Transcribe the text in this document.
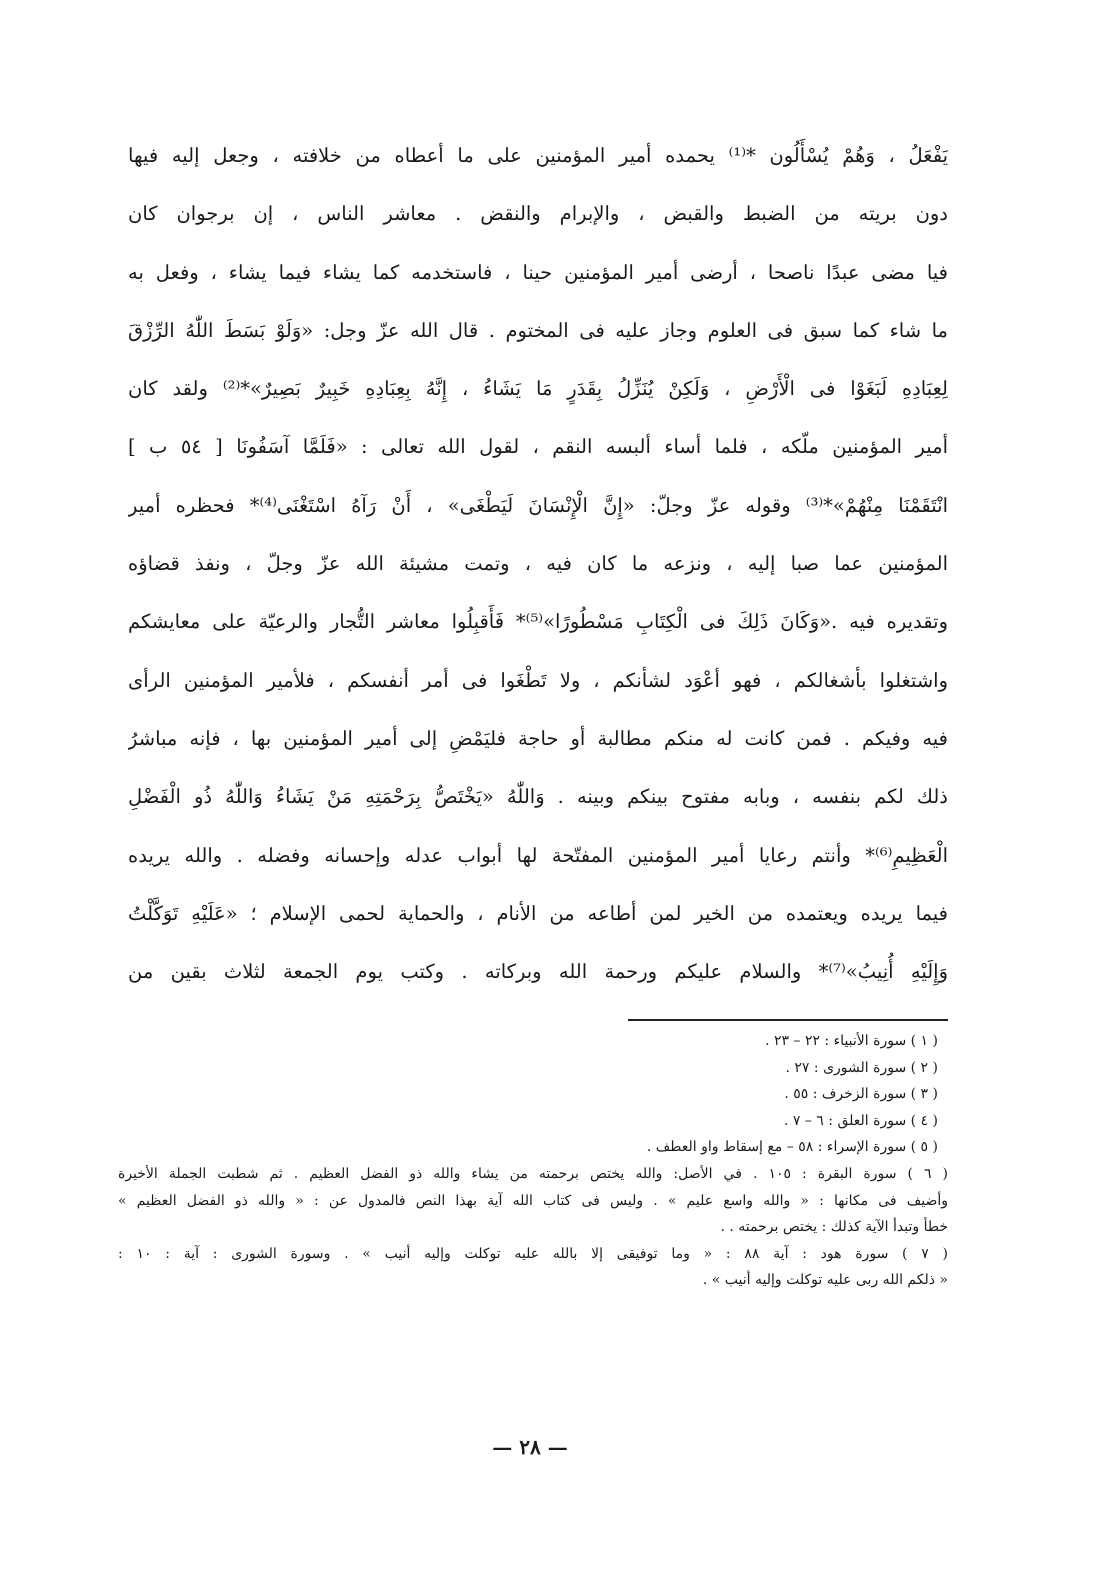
يَفْعَلُ ، وَهُمْ يُسْأَلُون *⁽¹⁾ يحمده أمير المؤمنين على ما أعطاه من خلافته ، وجعل إليه فيها
دون بريته من الضبط والقبض ، والإبرام والنقض . معاشر الناس ، إن برجوان كان
فيا مضى عبدًا ناصحا ، أرضى أمير المؤمنين حينا ، فاستخدمه كما يشاء فيما يشاء ، وفعل به
ما شاء كما سبق فى العلوم وجاز عليه فى المختوم . قال الله عزّ وجل: «وَلَوْ بَسَطَ اللّٰهُ الرِّزْقَ
لِعِبَادِهِ لَبَغَوْا فى الْأَرْضِ ، وَلَكِنْ يُنَزِّلُ بِقَدَرٍ مَا يَشَاءُ ، إِنَّهُ بِعِبَادِهِ خَبِيرٌ بَصِيرٌ»*⁽²⁾ ولقد كان
أمير المؤمنين ملّكه ، فلما أساء ألبسه النقم ، لقول الله تعالى : «فَلَمَّا آسَفُونَا [ ٥٤ ب ]
انْتَقَمْنَا مِنْهُمْ»*⁽³⁾ وقوله عزّ وجلّ: «إِنَّ الْإِنْسَانَ لَيَطْغَى» ، أَنْ رَآهُ اسْتَغْنَى⁽⁴⁾* فحظره أمير
المؤمنين عما صبا إليه ، ونزعه ما كان فيه ، وتمت مشيئة الله عزّ وجلّ ، ونفذ قضاؤه
وتقديره فيه .«وَكَانَ ذَلِكَ فى الْكِتَابِ مَسْطُورًا»⁽⁵⁾* فَأَقبِلُوا معاشر التُّجار والرعيّة على معايشكم
واشتغلوا بأشغالكم ، فهو أعْوَد لشأنكم ، ولا تَطْغَوا فى أمر أنفسكم ، فلأمير المؤمنين الرأى
فيه وفيكم . فمن كانت له منكم مطالبة أو حاجة فليَمْضِ إلى أمير المؤمنين بها ، فإنه مباشرُ
ذلك لكم بنفسه ، وبابه مفتوح بينكم وبينه . وَاللّٰهُ «يَخْتَصُّ بِرَحْمَتِهِ مَنْ يَشَاءُ وَاللّٰهُ ذُو الْفَضْلِ
الْعَظِيمِ⁽⁶⁾* وأنتم رعايا أمير المؤمنين المفتّحة لها أبواب عدله وإحسانه وفضله . والله يريده
فيما يريده ويعتمده من الخير لمن أطاعه من الأنام ، والحماية لحمى الإسلام ؛ «عَلَيْهِ تَوَكَّلْتُ
وَإِلَيْهِ أُنِيبُ»⁽⁷⁾* والسلام عليكم ورحمة الله وبركاته . وكتب يوم الجمعة لثلاث بقين من
( ١ ) سورة الأنبياء : ٢٢ – ٢٣ .
( ٢ ) سورة الشورى : ٢٧ .
( ٣ ) سورة الزخرف : ٥٥ .
( ٤ ) سورة العلق : ٦ – ٧ .
( ٥ ) سورة الإسراء : ٥٨ – مع إسقاط واو العطف .
( ٦ ) سورة البقرة : ١٠٥ . في الأصل: والله يختص برحمته من يشاء والله ذو الفضل العظيم . ثم شطبت الجملة الأخيرة
وأضيف فى مكانها : « والله واسع عليم » . وليس فى كتاب الله آية بهذا النص فالمدول عن : « والله ذو الفضل العظيم »
خطأ وتبدأ الآية كذلك : يختص برحمته . .
( ٧ ) سورة هود : آية ٨٨ : « وما توفيقى إلا بالله عليه توكلت وإليه أنيب » . وسورة الشورى : آية : ١٠ :
« ذلكم الله ربى عليه توكلت وإليه أنيب » .
— ٢٨ —
